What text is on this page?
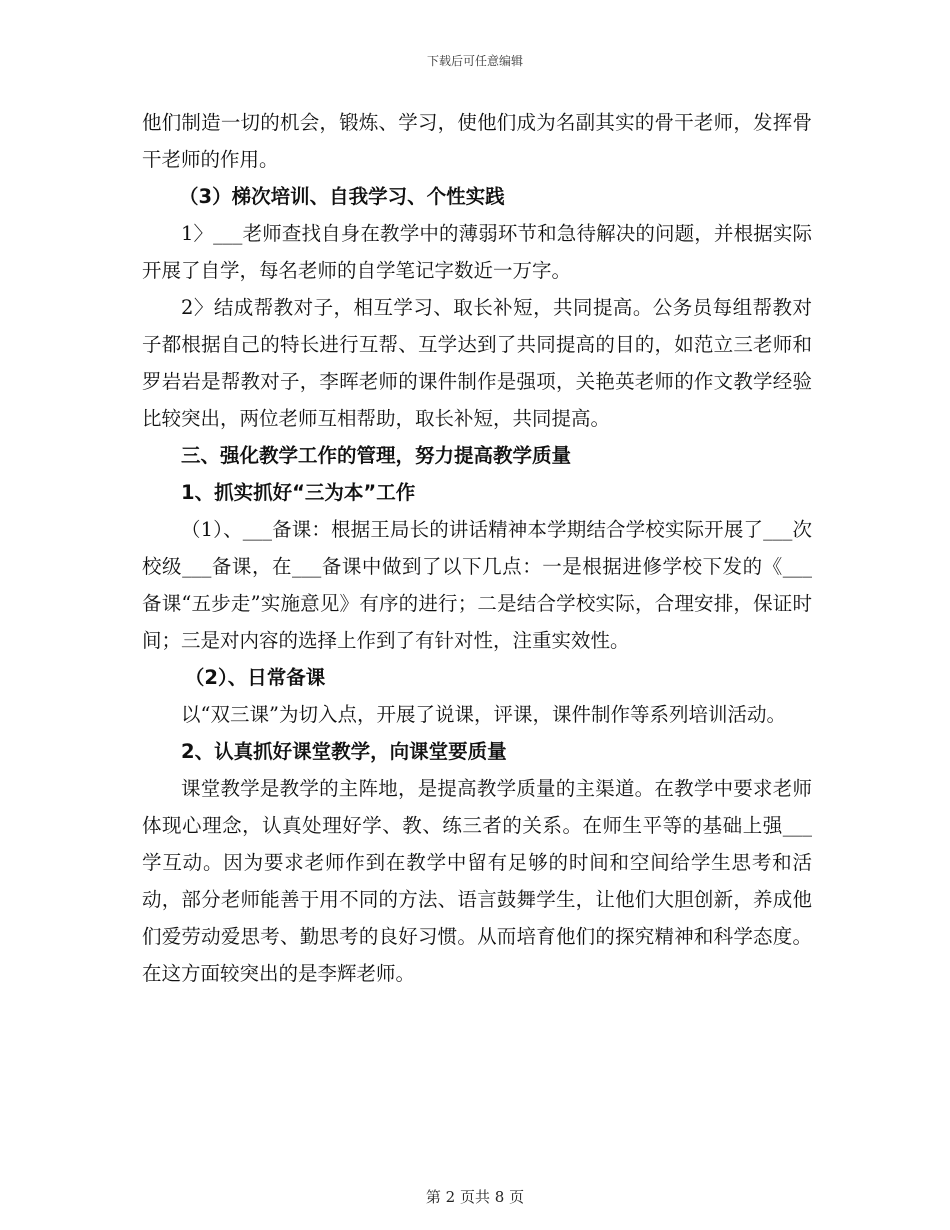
下载后可任意编辑

他们制造一切的机会，锻炼、学习，使他们成为名副其实的骨干老师，发挥骨干老师的作用。

（3）梯次培训、自我学习、个性实践

1〉___老师查找自身在教学中的薄弱环节和急待解决的问题，并根据实际开展了自学，每名老师的自学笔记字数近一万字。

2〉结成帮教对子，相互学习、取长补短，共同提高。公务员每组帮教对子都根据自己的特长进行互帮、互学达到了共同提高的目的，如范立三老师和罗岩岩是帮教对子，李晖老师的课件制作是强项，关艳英老师的作文教学经验比较突出，两位老师互相帮助，取长补短，共同提高。

三、强化教学工作的管理，努力提高教学质量

1、抓实抓好“三为本”工作

（1）、___备课：根据王局长的讲话精神本学期结合学校实际开展了___次校级___备课，在___备课中做到了以下几点：一是根据进修学校下发的《___备课“五步走”实施意见》有序的进行；二是结合学校实际，合理安排，保证时间；三是对内容的选择上作到了有针对性，注重实效性。

（2）、日常备课

以“双三课”为切入点，开展了说课，评课，课件制作等系列培训活动。

2、认真抓好课堂教学，向课堂要质量

课堂教学是教学的主阵地，是提高教学质量的主渠道。在教学中要求老师体现心理念，认真处理好学、教、练三者的关系。在师生平等的基础上强___学互动。因为要求老师作到在教学中留有足够的时间和空间给学生思考和活动，部分老师能善于用不同的方法、语言鼓舞学生，让他们大胆创新，养成他们爱劳动爱思考、勤思考的良好习惯。从而培育他们的探究精神和科学态度。在这方面较突出的是李辉老师。

第 2 页共 8 页
